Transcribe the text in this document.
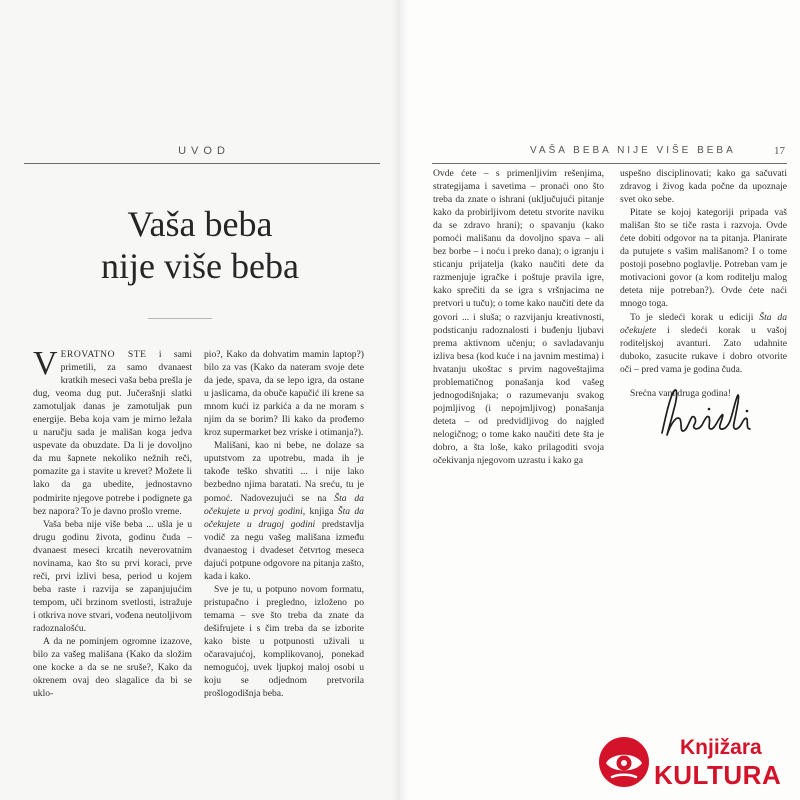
UVOD
Vaša beba
nije više beba

VEROVATNO STE i sami primetili, za samo dvanaest kratkih meseci vaša beba prešla je dug, veoma dug put. Jučerašnji slatki zamotuljak danas je zamotuljak pun energije. Beba koja vam je mirno ležala u naručju sada je mališan koga jedva uspevate da obuzdate. Da li je dovoljno da mu šapnete nekoliko nežnih reči, pomazite ga i stavite u krevet? Možete li lako da ga ubedite, jednostavno podmirite njegove potrebe i podignete ga bez napora? To je davno prošlo vreme.

Vaša beba nije više beba ... ušla je u drugu godinu života, godinu čuda – dvanaest meseci krcatih neverovatnim novinama, kao što su prvi koraci, prve reči, prvi izlivi besa, period u kojem beba raste i razvija se zapanjujućim tempom, uči brzinom svetlosti, istražuje i otkriva nove stvari, vođena neutoljivom radoznalošću.

A da ne pominjem ogromne izazove, bilo za vašeg mališana (Kako da složim one kocke a da se ne sruše?, Kako da okrenem ovaj deo slagalice da bi se uklo-

pio?, Kako da dohvatim mamin laptop?) bilo za vas (Kako da nateram svoje dete da jede, spava, da se lepo igra, da ostane u jaslicama, da obuče kapučić ili krene sa mnom kući iz parkića a da ne moram s njim da se borim? Ili kako da prođemo kroz supermarket bez vriske i otimanja?).

Mališani, kao ni bebe, ne dolaze sa uputstvom za upotrebu, mada ih je takođe teško shvatiti ... i nije lako bezbedno njima baratati. Na sreću, tu je pomoć. Nadovezujući se na Šta da očekujete u prvoj godini, knjiga Šta da očekujete u drugoj godini predstavlja vodič za negu vašeg mališana između dvanaestog i dvadeset četvrtog meseca dajući potpune odgovore na pitanja zašto, kada i kako.

Sve je tu, u potpuno novom formatu, pristupačno i pregledno, izloženo po temama – sve što treba da znate da dešifrujete i s čim treba da se izborite kako biste u potpunosti uživali u očaravajućoj, komplikovanoj, ponekad nemogućoj, uvek ljupkoj maloj osobi u koju se odjednom pretvorila prošlogodišnja beba.

VAŠA BEBA NIJE VIŠE BEBA	17

Ovde ćete – s primenljivim rešenjima, strategijama i savetima – pronaći ono što treba da znate o ishrani (uključujući pitanje kako da probirljivom detetu stvorite naviku da se zdravo hrani); o spavanju (kako pomoći mališanu da dovoljno spava – ali bez borbe – i noću i preko dana); o igranju i sticanju prijatelja (kako naučiti dete da razmenjuje igračke i poštuje pravila igre, kako sprečiti da se igra s vršnjacima ne pretvori u tuču); o tome kako naučiti dete da govori ... i sluša; o razvijanju kreativnosti, podsticanju radoznalosti i buđenju ljubavi prema aktivnom učenju; o savladavanju izliva besa (kod kuće i na javnim mestima) i hvatanju ukoštac s prvim nagoveštajima problematičnog ponašanja kod vašeg jednogodišnjaka; o razumevanju svakog pojmljivog (i nepojmljivog) ponašanja deteta – od predvidljivog do najgled nelogičnog; o tome kako naučiti dete šta je dobro, a šta loše, kako prilagoditi svoja očekivanja njegovom uzrastu i kako ga

uspešno disciplinovati; kako ga sačuvati zdravog i živog kada počne da upoznaje svet oko sebe.

Pitate se kojoj kategoriji pripada vaš mališan što se tiče rasta i razvoja. Ovde ćete dobiti odgovor na ta pitanja. Planirate da putujete s vašim mališanom? I o tome postoji posebno poglavlje. Potreban vam je motivacioni govor (a kom roditelju malog deteta nije potreban?). Ovde ćete naći mnogo toga.

To je sledeći korak u ediciji Šta da očekujete i sledeći korak u vašoj roditeljskoj avanturi. Zato udahnite duboko, zasucite rukave i dobro otvorite oči – pred vama je godina čuda.

Srećna vam druga godina!

Knjižara
KULTURA
